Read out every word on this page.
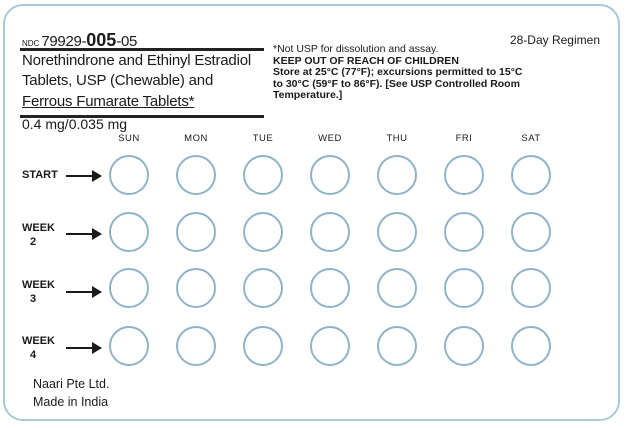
NDC 79929-005-05	28-Day Regimen
Norethindrone and Ethinyl Estradiol
Tablets, USP (Chewable) and
Ferrous Fumarate Tablets*
0.4 mg/0.035 mg
*Not USP for dissolution and assay.
KEEP OUT OF REACH OF CHILDREN
Store at 25°C (77°F); excursions permitted to 15°C
to 30°C (59°F to 86°F). [See USP Controlled Room
Temperature.]
SUN	MON	TUE	WED	THU	FRI	SAT
START
WEEK
2
WEEK
3
WEEK
4
Naari Pte Ltd.
Made in India
